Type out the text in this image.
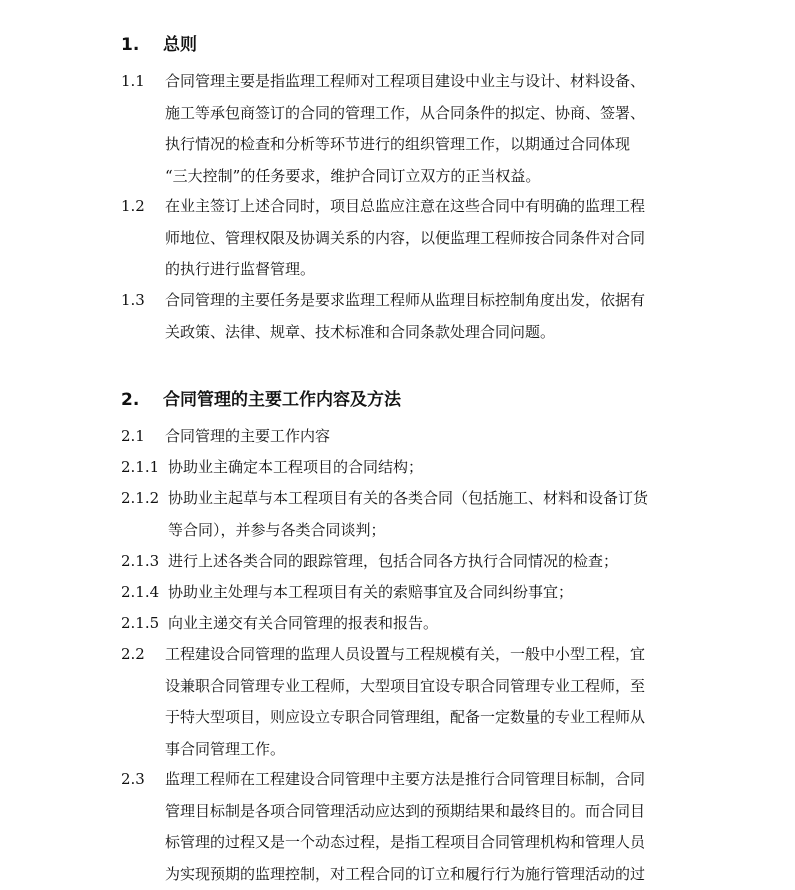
1. 总则
1.1 合同管理主要是指监理工程师对工程项目建设中业主与设计、材料设备、
施工等承包商签订的合同的管理工作，从合同条件的拟定、协商、签署、
执行情况的检查和分析等环节进行的组织管理工作，以期通过合同体现
“三大控制”的任务要求，维护合同订立双方的正当权益。
1.2 在业主签订上述合同时，项目总监应注意在这些合同中有明确的监理工程
师地位、管理权限及协调关系的内容，以便监理工程师按合同条件对合同
的执行进行监督管理。
1.3 合同管理的主要任务是要求监理工程师从监理目标控制角度出发，依据有
关政策、法律、规章、技术标准和合同条款处理合同问题。
2. 合同管理的主要工作内容及方法
2.1 合同管理的主要工作内容
2.1.1 协助业主确定本工程项目的合同结构；
2.1.2 协助业主起草与本工程项目有关的各类合同（包括施工、材料和设备订货
等合同），并参与各类合同谈判；
2.1.3 进行上述各类合同的跟踪管理，包括合同各方执行合同情况的检查；
2.1.4 协助业主处理与本工程项目有关的索赔事宜及合同纠纷事宜；
2.1.5 向业主递交有关合同管理的报表和报告。
2.2 工程建设合同管理的监理人员设置与工程规模有关，一般中小型工程，宜
设兼职合同管理专业工程师，大型项目宜设专职合同管理专业工程师，至
于特大型项目，则应设立专职合同管理组，配备一定数量的专业工程师从
事合同管理工作。
2.3 监理工程师在工程建设合同管理中主要方法是推行合同管理目标制，合同
管理目标制是各项合同管理活动应达到的预期结果和最终目的。而合同目
标管理的过程又是一个动态过程，是指工程项目合同管理机构和管理人员
为实现预期的监理控制，对工程合同的订立和履行行为施行管理活动的过
